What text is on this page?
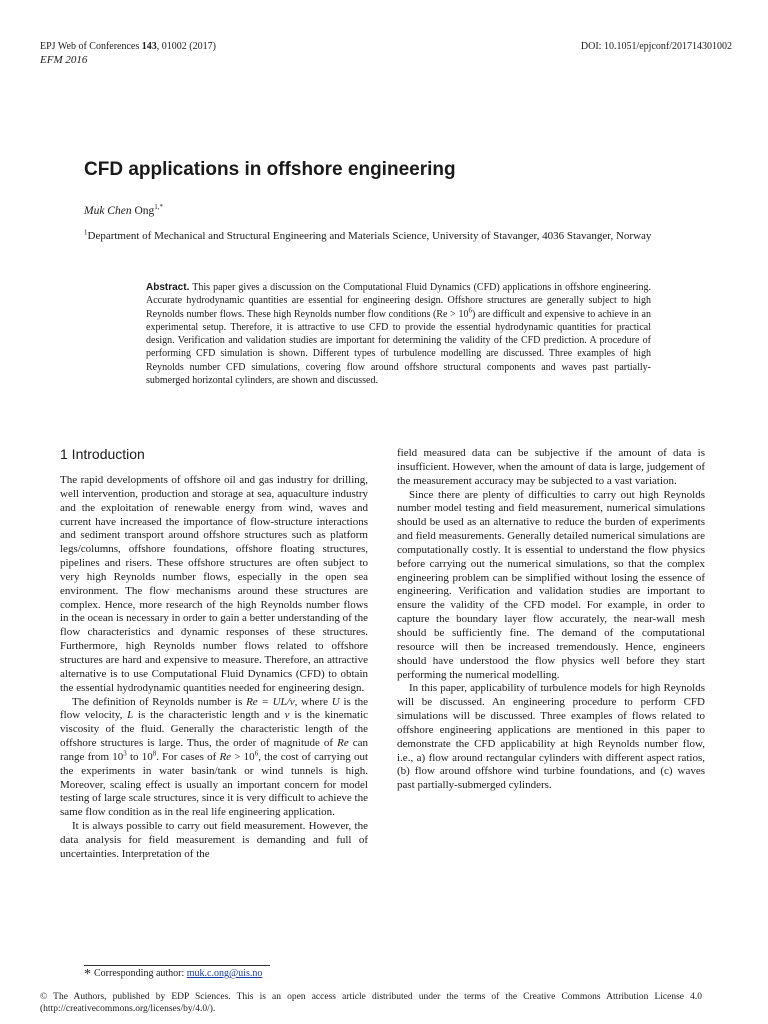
EPJ Web of Conferences 143, 01002 (2017)	DOI: 10.1051/epjconf/201714301002
EFM 2016
CFD applications in offshore engineering
Muk Chen Ong$^{1,*}$
$^1$Department of Mechanical and Structural Engineering and Materials Science, University of Stavanger, 4036 Stavanger, Norway

Abstract. This paper gives a discussion on the Computational Fluid Dynamics (CFD) applications in offshore engineering. Accurate hydrodynamic quantities are essential for engineering design. Offshore structures are generally subject to high Reynolds number flows. These high Reynolds number flow conditions $(Re > 10^6)$ are difficult and expensive to achieve in an experimental setup. Therefore, it is attractive to use CFD to provide the essential hydrodynamic quantities for practical design. Verification and validation studies are important for determining the validity of the CFD prediction. A procedure of performing CFD simulation is shown. Different types of turbulence modelling are discussed. Three examples of high Reynolds number CFD simulations, covering flow around offshore structural components and waves past partially-submerged horizontal cylinders, are shown and discussed.

1 Introduction

The rapid developments of offshore oil and gas industry for drilling, well intervention, production and storage at sea, aquaculture industry and the exploitation of renewable energy from wind, waves and current have increased the importance of flow-structure interactions and sediment transport around offshore structures such as platform legs/columns, offshore foundations, offshore floating structures, pipelines and risers. These offshore structures are often subject to very high Reynolds number flows, especially in the open sea environment. The flow mechanisms around these structures are complex. Hence, more research of the high Reynolds number flows in the ocean is necessary in order to gain a better understanding of the flow characteristics and dynamic responses of these structures. Furthermore, high Reynolds number flows related to offshore structures are hard and expensive to measure. Therefore, an attractive alternative is to use Computational Fluid Dynamics (CFD) to obtain the essential hydrodynamic quantities needed for engineering design.

The definition of Reynolds number is Re = UL/ν, where U is the flow velocity, L is the characteristic length and ν is the kinematic viscosity of the fluid. Generally the characteristic length of the offshore structures is large. Thus, the order of magnitude of Re can range from $10^3$ to $10^8$. For cases of $Re > 10^6$, the cost of carrying out the experiments in water basin/tank or wind tunnels is high. Moreover, scaling effect is usually an important concern for model testing of large scale structures, since it is very difficult to achieve the same flow condition as in the real life engineering application.

It is always possible to carry out field measurement. However, the data analysis for field measurement is demanding and full of uncertainties. Interpretation of the

field measured data can be subjective if the amount of data is insufficient. However, when the amount of data is large, judgement of the measurement accuracy may be subjected to a vast variation.

Since there are plenty of difficulties to carry out high Reynolds number model testing and field measurement, numerical simulations should be used as an alternative to reduce the burden of experiments and field measurements. Generally detailed numerical simulations are computationally costly. It is essential to understand the flow physics before carrying out the numerical simulations, so that the complex engineering problem can be simplified without losing the essence of engineering. Verification and validation studies are important to ensure the validity of the CFD model. For example, in order to capture the boundary layer flow accurately, the near-wall mesh should be sufficiently fine. The demand of the computational resource will then be increased tremendously. Hence, engineers should have understood the flow physics well before they start performing the numerical modelling.

In this paper, applicability of turbulence models for high Reynolds will be discussed. An engineering procedure to perform CFD simulations will be discussed. Three examples of flows related to offshore engineering applications are mentioned in this paper to demonstrate the CFD applicability at high Reynolds number flow, i.e., a) flow around rectangular cylinders with different aspect ratios, (b) flow around offshore wind turbine foundations, and (c) waves past partially-submerged cylinders.

* Corresponding author: muk.c.ong@uis.no
© The Authors, published by EDP Sciences. This is an open access article distributed under the terms of the Creative Commons Attribution License 4.0 (http://creativecommons.org/licenses/by/4.0/).
